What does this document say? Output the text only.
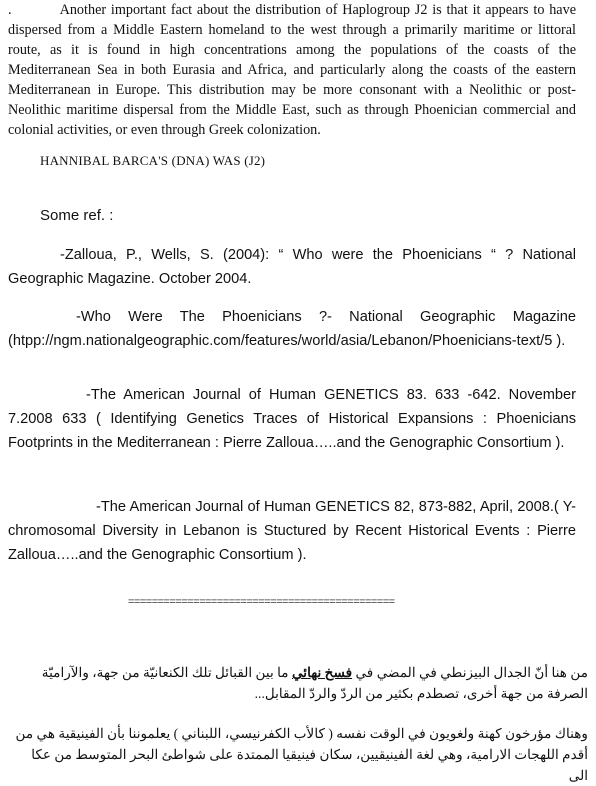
.	Another important fact about the distribution of Haplogroup J2 is that it appears to have dispersed from a Middle Eastern homeland to the west through a primarily maritime or littoral route, as it is found in high concentrations among the populations of the coasts of the Mediterranean Sea in both Eurasia and Africa, and particularly along the coasts of the eastern Mediterranean in Europe. This distribution may be more consonant with a Neolithic or post-Neolithic maritime dispersal from the Middle East, such as through Phoenician commercial and colonial activities, or even through Greek colonization.
HANNIBAL BARCA'S (DNA) WAS (J2)
Some ref. :
-Zalloua, P., Wells, S. (2004): “ Who were the Phoenicians “ ? National Geographic Magazine. October 2004.
-Who Were The Phoenicians ?- National Geographic Magazine (htpp://ngm.nationalgeographic.com/features/world/asia/Lebanon/Phoenicians-text/5 ).
-The American Journal of Human GENETICS 83. 633 -642. November 7.2008 633 ( Identifying Genetics Traces of Historical Expansions : Phoenicians Footprints in the Mediterranean : Pierre Zalloua…..and the Genographic Consortium ).
-The American Journal of Human GENETICS 82, 873-882, April, 2008.( Y- chromosomal Diversity in Lebanon is Stuctured by Recent Historical Events : Pierre Zalloua…..and the Genographic Consortium ).
=============================================
من هنا أنّ الجدال البيزنطي في المضي في فسخ نهائي ما بين القبائل تلك الكنعانيّة من جهة، والآراميّة الصرفة من جهة أخرى، تصطدم بكثير من الردّ والردّ المقابل...
وهناك مؤرخون كهنة ولغويون في الوقت نفسه ( كالأب الكفرنيسي، اللبناني ) يعلموننا بأن الفينيقية هي من أقدم اللهجات الارامية، وهي لغة الفينيقيين، سكان فينيقيا الممتدة على شواطئ البحر المتوسط من عكا الى
